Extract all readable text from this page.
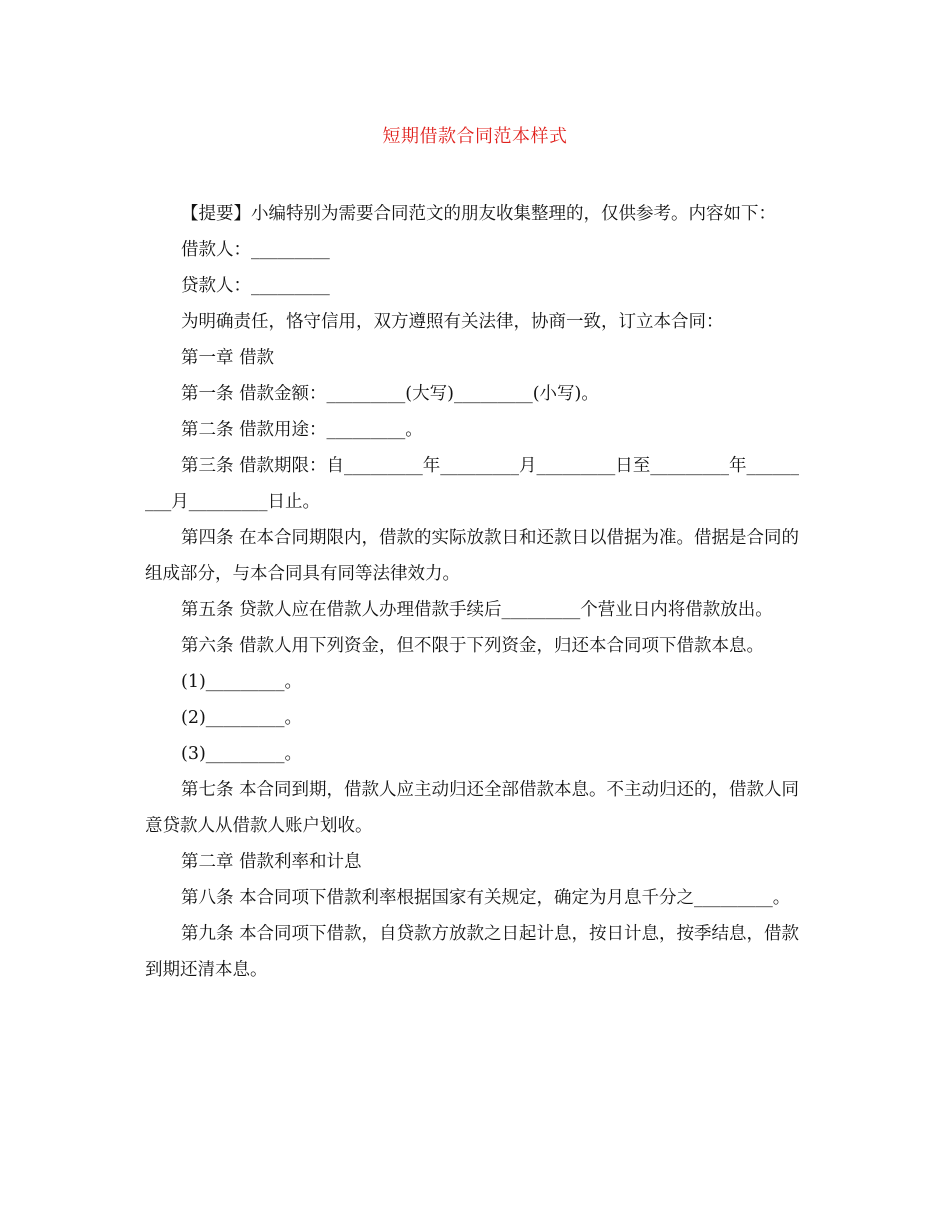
短期借款合同范本样式

【提要】小编特别为需要合同范文的朋友收集整理的，仅供参考。内容如下：

借款人：_________

贷款人：_________

为明确责任，恪守信用，双方遵照有关法律，协商一致，订立本合同：

第一章 借款

第一条 借款金额：_________(大写)_________(小写)。

第二条 借款用途：_________。

第三条 借款期限：自_________年_________月_________日至_________年_________月_________日止。

第四条 在本合同期限内，借款的实际放款日和还款日以借据为准。借据是合同的组成部分，与本合同具有同等法律效力。

第五条 贷款人应在借款人办理借款手续后_________个营业日内将借款放出。

第六条 借款人用下列资金，但不限于下列资金，归还本合同项下借款本息。

(1)_________。

(2)_________。

(3)_________。

第七条 本合同到期，借款人应主动归还全部借款本息。不主动归还的，借款人同意贷款人从借款人账户划收。

第二章 借款利率和计息

第八条 本合同项下借款利率根据国家有关规定，确定为月息千分之_________。

第九条 本合同项下借款，自贷款方放款之日起计息，按日计息，按季结息，借款到期还清本息。
